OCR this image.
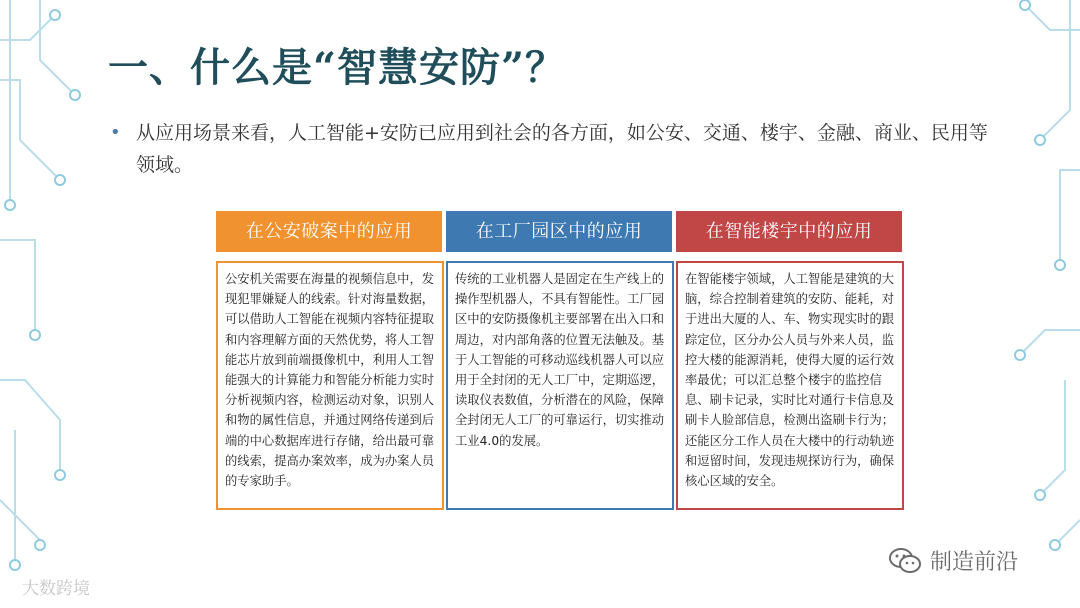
一、什么是“智慧安防”？
• 从应用场景来看，人工智能+安防已应用到社会的各方面，如公安、交通、楼宇、金融、商业、民用等领域。
在公安破案中的应用
公安机关需要在海量的视频信息中，发现犯罪嫌疑人的线索。针对海量数据，可以借助人工智能在视频内容特征提取和内容理解方面的天然优势，将人工智能芯片放到前端摄像机中，利用人工智能强大的计算能力和智能分析能力实时分析视频内容，检测运动对象，识别人和物的属性信息，并通过网络传递到后端的中心数据库进行存储，给出最可靠的线索，提高办案效率，成为办案人员的专家助手。
在工厂园区中的应用
传统的工业机器人是固定在生产线上的操作型机器人，不具有智能性。工厂园区中的安防摄像机主要部署在出入口和周边，对内部角落的位置无法触及。基于人工智能的可移动巡线机器人可以应用于全封闭的无人工厂中，定期巡逻，读取仪表数值，分析潜在的风险，保障全封闭无人工厂的可靠运行，切实推动工业4.0的发展。
在智能楼宇中的应用
在智能楼宇领域，人工智能是建筑的大脑，综合控制着建筑的安防、能耗，对于进出大厦的人、车、物实现实时的跟踪定位，区分办公人员与外来人员，监控大楼的能源消耗，使得大厦的运行效率最优；可以汇总整个楼宇的监控信息、刷卡记录，实时比对通行卡信息及刷卡人脸部信息，检测出盗刷卡行为；还能区分工作人员在大楼中的行动轨迹和逗留时间，发现违规探访行为，确保核心区域的安全。
大数跨境
制造前沿
